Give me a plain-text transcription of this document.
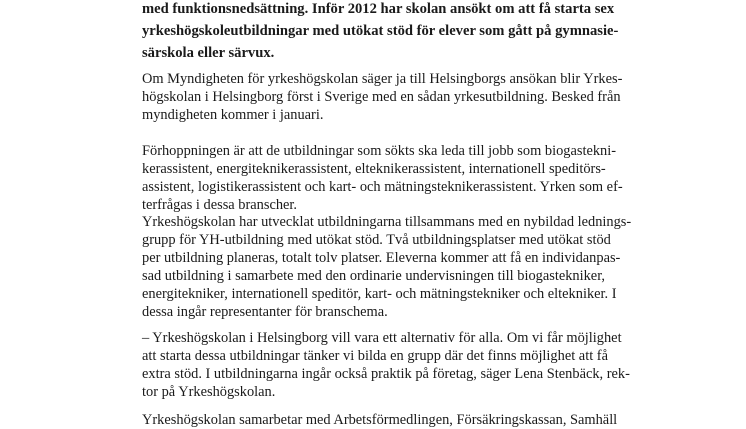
med funktionsnedsättning. Inför 2012 har skolan ansökt om att få starta sex
yrkeshögskoleutbildningar med utökat stöd för elever som gått på gymnasie-
särskola eller särvux.
Om Myndigheten för yrkeshögskolan säger ja till Helsingborgs ansökan blir Yrkes-
högskolan i Helsingborg först i Sverige med en sådan yrkesutbildning. Besked från
myndigheten kommer i januari.
Förhoppningen är att de utbildningar som sökts ska leda till jobb som biogastekni-
kerassistent, energiteknikerassistent, elteknikerassistent, internationell speditörs-
assistent, logistikerassistent och kart- och mätningsteknikerassistent. Yrken som ef-
terfrågas i dessa branscher.
Yrkeshögskolan har utvecklat utbildningarna tillsammans med en nybildad lednings-
grupp för YH-utbildning med utökat stöd. Två utbildningsplatser med utökat stöd
per utbildning planeras, totalt tolv platser. Eleverna kommer att få en individanpas-
sad utbildning i samarbete med den ordinarie undervisningen till biogastekniker,
energitekniker, internationell speditör, kart- och mätningstekniker och eltekniker. I
dessa ingår representanter för branschema.
– Yrkeshögskolan i Helsingborg vill vara ett alternativ för alla. Om vi får möjlighet
att starta dessa utbildningar tänker vi bilda en grupp där det finns möjlighet att få
extra stöd. I utbildningarna ingår också praktik på företag, säger Lena Stenbäck, rek-
tor på Yrkeshögskolan.
Yrkeshögskolan samarbetar med Arbetsförmedlingen, Försäkringskassan, Samhäll
